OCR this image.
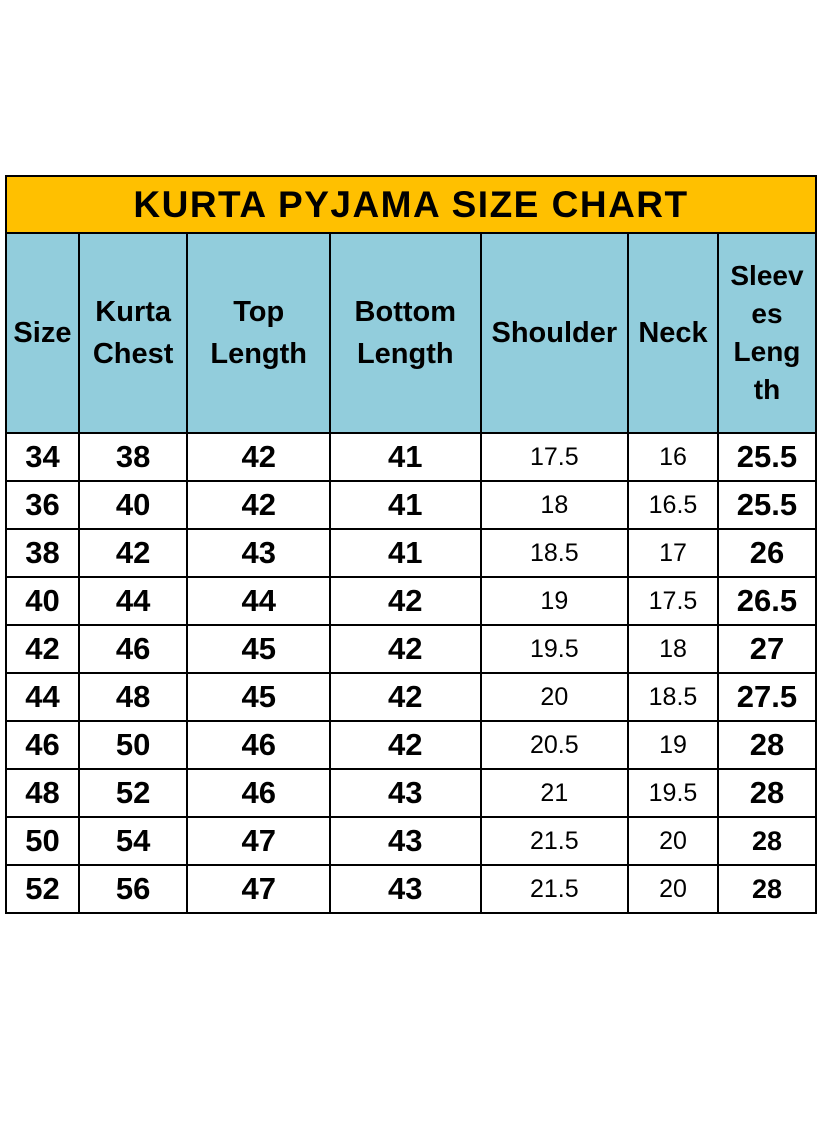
KURTA PYJAMA SIZE CHART
Size	Kurta Chest	Top Length	Bottom Length	Shoulder	Neck	Sleeves Length
34	38	42	41	17.5	16	25.5
36	40	42	41	18	16.5	25.5
38	42	43	41	18.5	17	26
40	44	44	42	19	17.5	26.5
42	46	45	42	19.5	18	27
44	48	45	42	20	18.5	27.5
46	50	46	42	20.5	19	28
48	52	46	43	21	19.5	28
50	54	47	43	21.5	20	28
52	56	47	43	21.5	20	28
